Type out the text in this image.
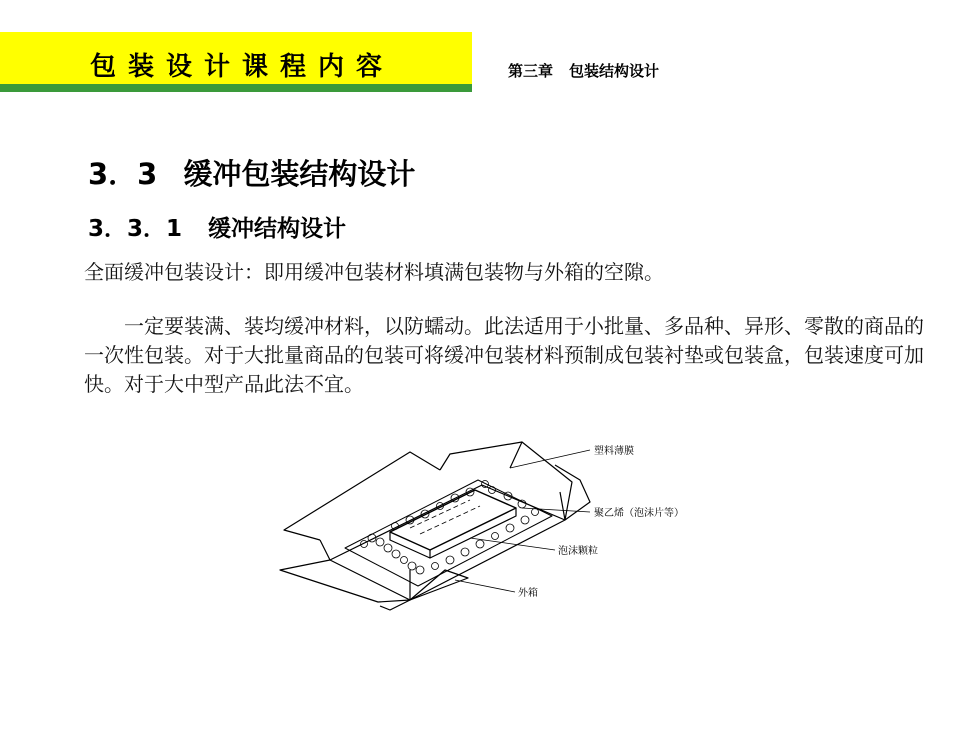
包装设计课程内容	第三章 包装结构设计
3．3 缓冲包装结构设计
3．3．1 缓冲结构设计
全面缓冲包装设计：即用缓冲包装材料填满包装物与外箱的空隙。
一定要装满、装均缓冲材料，以防蠕动。此法适用于小批量、多品种、异形、零散的商品的一次性包装。对于大批量商品的包装可将缓冲包装材料预制成包装衬垫或包装盒，包装速度可加快。对于大中型产品此法不宜。
塑料薄膜
聚乙烯（泡沫片等）
泡沫颗粒
外箱
